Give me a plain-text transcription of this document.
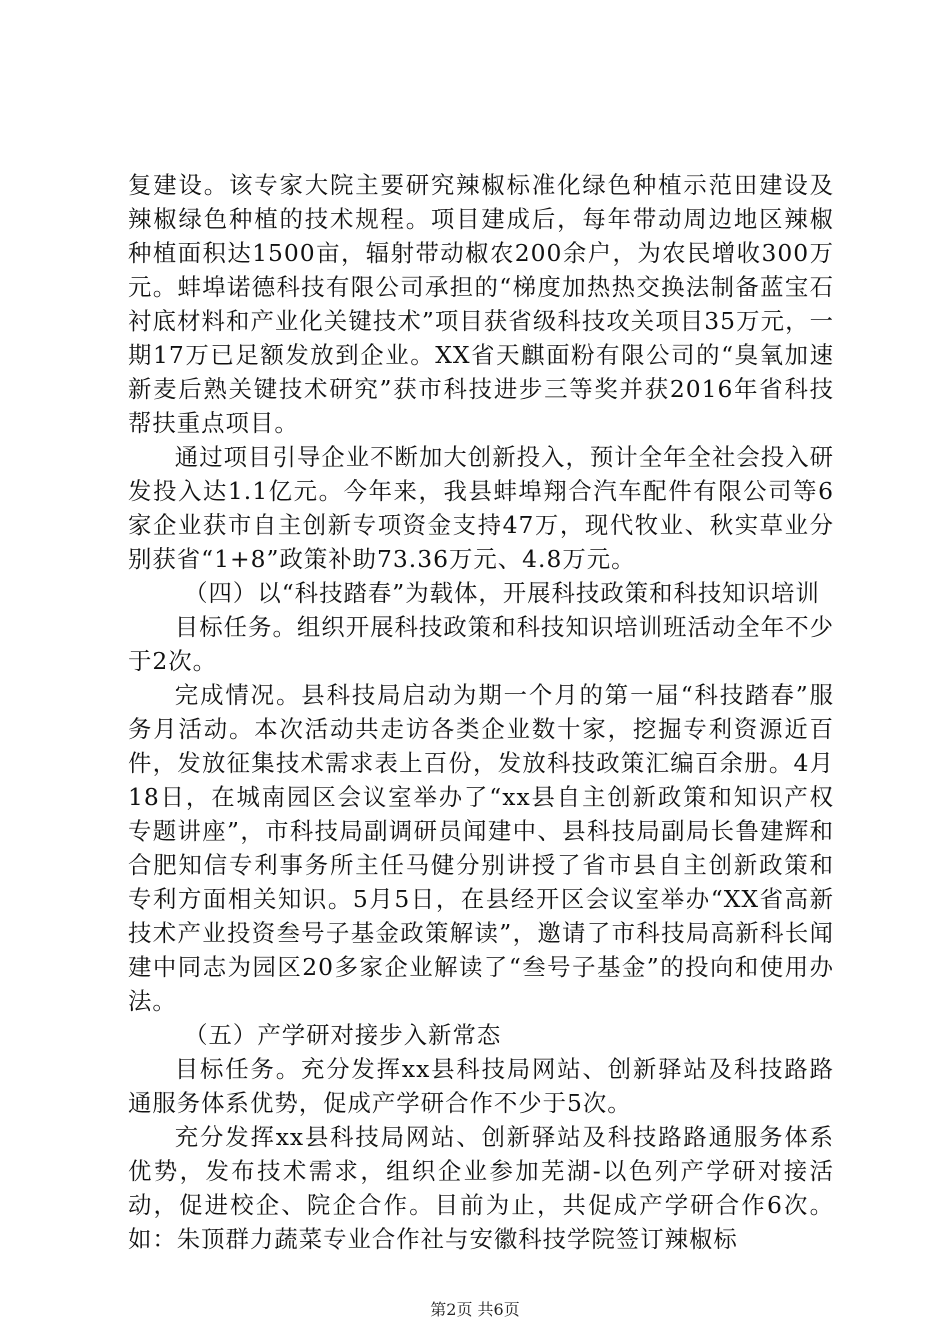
复建设。该专家大院主要研究辣椒标准化绿色种植示范田建设及辣椒绿色种植的技术规程。项目建成后，每年带动周边地区辣椒种植面积达1500亩，辐射带动椒农200余户，为农民增收300万元。蚌埠诺德科技有限公司承担的“梯度加热热交换法制备蓝宝石衬底材料和产业化关键技术”项目获省级科技攻关项目35万元，一期17万已足额发放到企业。XX省天麒面粉有限公司的“臭氧加速新麦后熟关键技术研究”获市科技进步三等奖并获2016年省科技帮扶重点项目。

通过项目引导企业不断加大创新投入，预计全年全社会投入研发投入达1.1亿元。今年来，我县蚌埠翔合汽车配件有限公司等6家企业获市自主创新专项资金支持47万，现代牧业、秋实草业分别获省“1+8”政策补助73.36万元、4.8万元。

（四）以“科技踏春”为载体，开展科技政策和科技知识培训

目标任务。组织开展科技政策和科技知识培训班活动全年不少于2次。

完成情况。县科技局启动为期一个月的第一届“科技踏春”服务月活动。本次活动共走访各类企业数十家，挖掘专利资源近百件，发放征集技术需求表上百份，发放科技政策汇编百余册。4月18日，在城南园区会议室举办了“xx县自主创新政策和知识产权专题讲座”，市科技局副调研员闻建中、县科技局副局长鲁建辉和合肥知信专利事务所主任马健分别讲授了省市县自主创新政策和专利方面相关知识。5月5日，在县经开区会议室举办“XX省高新技术产业投资叁号子基金政策解读”，邀请了市科技局高新科长闻建中同志为园区20多家企业解读了“叁号子基金”的投向和使用办法。

（五）产学研对接步入新常态

目标任务。充分发挥xx县科技局网站、创新驿站及科技路路通服务体系优势，促成产学研合作不少于5次。

充分发挥xx县科技局网站、创新驿站及科技路路通服务体系优势，发布技术需求，组织企业参加芜湖-以色列产学研对接活动，促进校企、院企合作。目前为止，共促成产学研合作6次。如：朱顶群力蔬菜专业合作社与安徽科技学院签订辣椒标

第2页 共6页
